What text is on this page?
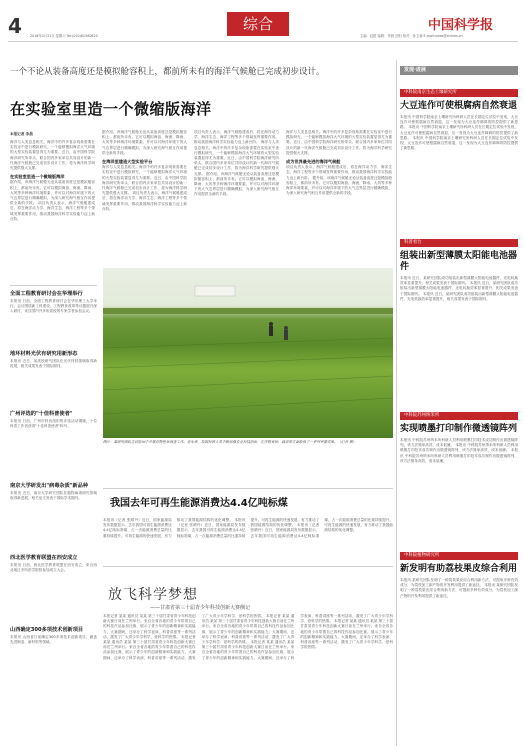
4 2018年4月21日 星期六 Tel:(010)62580620
综合	中国科学报
主编：赵路 编辑：李晨 岳阳 校对：孙玉蓉 E-mail:news@stimes.cn
一个不论从装备高度还是模拟舱容积上，都前所未有的海洋气候舱已完成初步设计。
在实验室里造一个微缩版海洋
本报记者 李晨
海洋与人类息息相关。海洋中的许多复杂现象需要在实验室中进行模拟研究，一个能够模拟海洋大气环境的大型实验装置显得尤为重要。近日，由中国科学院海洋研究所牵头，联合国内多家单位共同设计的新一代海洋气候舱已完成初步设计工作，将为海洋科学研究提供强大支撑。
在实验室里造一个微缩版海洋
据介绍，该海洋气候舱无论从装备高度还是模拟舱容积上，都前所未有。它可以模拟海浪、海流、降雨、大风等多种海洋环境要素，并可以对海洋环境下的大气边界层进行精确模拟，为深入研究海气相互作用提供全新的手段。 项目负责人表示，海洋气候舱建成后，将在海洋动力学、海洋生态、海洋工程等多个领域发挥重要作用，推动我国海洋科学实验能力迈上新台阶。
据介绍，该海洋气候舱无论从装备高度还是模拟舱容积上，都前所未有。它可以模拟海浪、海流、降雨、大风等多种海洋环境要素，并可以对海洋环境下的大气边界层进行精确模拟，为深入研究海气相互作用提供全新的手段。
在海洋里建造大型实验平台
海洋与人类息息相关。海洋中的许多复杂现象需要在实验室中进行模拟研究，一个能够模拟海洋大气环境的大型实验装置显得尤为重要。近日，由中国科学院海洋研究所牵头，联合国内多家单位共同设计的新一代海洋气候舱已完成初步设计工作，将为海洋科学研究提供强大支撑。 项目负责人表示，海洋气候舱建成后，将在海洋动力学、海洋生态、海洋工程等多个领域发挥重要作用，推动我国海洋科学实验能力迈上新台阶。
项目负责人表示，海洋气候舱建成后，将在海洋动力学、海洋生态、海洋工程等多个领域发挥重要作用，推动我国海洋科学实验能力迈上新台阶。 海洋与人类息息相关。海洋中的许多复杂现象需要在实验室中进行模拟研究，一个能够模拟海洋大气环境的大型实验装置显得尤为重要。近日，由中国科学院海洋研究所牵头，联合国内多家单位共同设计的新一代海洋气候舱已完成初步设计工作，将为海洋科学研究提供强大支撑。 据介绍，该海洋气候舱无论从装备高度还是模拟舱容积上，都前所未有。它可以模拟海浪、海流、降雨、大风等多种海洋环境要素，并可以对海洋环境下的大气边界层进行精确模拟，为深入研究海气相互作用提供全新的手段。
海洋与人类息息相关。海洋中的许多复杂现象需要在实验室中进行模拟研究，一个能够模拟海洋大气环境的大型实验装置显得尤为重要。近日，由中国科学院海洋研究所牵头，联合国内多家单位共同设计的新一代海洋气候舱已完成初步设计工作，将为海洋科学研究提供强大支撑。
成为世界最先进的海洋气候舱
项目负责人表示，海洋气候舱建成后，将在海洋动力学、海洋生态、海洋工程等多个领域发挥重要作用，推动我国海洋科学实验能力迈上新台阶。 据介绍，该海洋气候舱无论从装备高度还是模拟舱容积上，都前所未有。它可以模拟海浪、海流、降雨、大风等多种海洋环境要素，并可以对海洋环境下的大气边界层进行精确模拟，为深入研究海气相互作用提供全新的手段。
全面工程教育研讨会在华理举行
本报讯 日前，全面工程教育研讨会在华东理工大学举行。会议围绕新工科建设、工程教育改革等议题展开深入研讨，来自国内外多所高校的专家学者参加会议。
地环材料光伏有研究用新形态
本报讯 近日，某高校研究团队在光伏材料领域取得新进展，相关成果发表于国际期刊。
广州评选的"十佳科普使者"
本报讯 日前，广州市科协组织的评选活动揭晓，十位科普工作者获得"十佳科普使者"称号。
南京大学研发出"病毒杂质"新品种
本报讯 近日，南京大学研究团队在植物病毒研究领域取得新进展，相关论文发表于国际学术期刊。
西北医学教育联盟在西安成立
本报讯 日前，西北医学教育联盟在西安成立，来自西北地区多所医学院校参加成立大会。
山西确定300多项技术创新项目
本报讯 山西省日前确定300多项技术创新项目，涵盖先进制造、新材料等领域。
图片：某研究团队在试验田中开展作物性状调查工作。近年来，我国科研人员不断加强农业科技创新，在作物育种、栽培等方面取得了一系列重要成果。（记者 摄）
我国去年可再生能源消费达4.4亿吨标煤
本报讯（记者 张晴丹）近日，国家能源局发布数据显示，去年我国可再生能源消费达4.4亿吨标准煤，占一次能源消费总量的比重持续提升。可再生能源的快速发展，有力推动了我国能源结构的优化调整。 本报讯（记者 张晴丹）近日，国家能源局发布数据显示，去年我国可再生能源消费达4.4亿吨标准煤，占一次能源消费总量的比重持续提升。可再生能源的快速发展，有力推动了我国能源结构的优化调整。 本报讯（记者 张晴丹）近日，国家能源局发布数据显示，去年我国可再生能源消费达4.4亿吨标准煤，占一次能源消费总量的比重持续提升。可再生能源的快速发展，有力推动了我国能源结构的优化调整。
放飞科学梦想
——甘肃省第三十届青少年科技创新大赛侧记
本报记者 某某 通讯员 某某 第三十届甘肃省青少年科技创新大赛日前在兰州举行。来自全省各地的青少年带着自己的科技作品参加比赛，展示了青少年的创新精神和实践能力。大赛期间，还举办了科学表演、科普讲座等一系列活动，激发了广大青少年学科学、爱科学的热情。 本报记者 某某 通讯员 某某 第三十届甘肃省青少年科技创新大赛日前在兰州举行。来自全省各地的青少年带着自己的科技作品参加比赛，展示了青少年的创新精神和实践能力。大赛期间，还举办了科学表演、科普讲座等一系列活动，激发了广大青少年学科学、爱科学的热情。 本报记者 某某 通讯员 某某 第三十届甘肃省青少年科技创新大赛日前在兰州举行。来自全省各地的青少年带着自己的科技作品参加比赛，展示了青少年的创新精神和实践能力。大赛期间，还举办了科学表演、科普讲座等一系列活动，激发了广大青少年学科学、爱科学的热情。 本报记者 某某 通讯员 某某 第三十届甘肃省青少年科技创新大赛日前在兰州举行。来自全省各地的青少年带着自己的科技作品参加比赛，展示了青少年的创新精神和实践能力。大赛期间，还举办了科学表演、科普讲座等一系列活动，激发了广大青少年学科学、爱科学的热情。 本报记者 某某 通讯员 某某 第三十届甘肃省青少年科技创新大赛日前在兰州举行。来自全省各地的青少年带着自己的科技作品参加比赛，展示了青少年的创新精神和实践能力。大赛期间，还举办了科学表演、科普讲座等一系列活动，激发了广大青少年学科学、爱科学的热情。
发现·进展
中科院南京生态土壤研究所
大豆连作可使根腐病自然衰退
本报讯 中国科学院南京土壤研究所科研人员在长期定位试验中发现，大豆连作可使根腐病自然衰退，这一发现为大豆连作障碍的防控提供了新思路。 本报讯 中国科学院南京土壤研究所科研人员在长期定位试验中发现，大豆连作可使根腐病自然衰退，这一发现为大豆连作障碍的防控提供了新思路。 本报讯 中国科学院南京土壤研究所科研人员在长期定位试验中发现，大豆连作可使根腐病自然衰退，这一发现为大豆连作障碍的防控提供了新思路。
科普看台
组装出新型薄膜太阳能电池器件
本报讯 近日，某研究团队成功组装出新型薄膜太阳能电池器件，光电转换效率显著提升，相关成果发表于国际期刊。 本报讯 近日，某研究团队成功组装出新型薄膜太阳能电池器件，光电转换效率显著提升，相关成果发表于国际期刊。 本报讯 近日，某研究团队成功组装出新型薄膜太阳能电池器件，光电转换效率显著提升，相关成果发表于国际期刊。
中科院苏州纳米所
实现喷墨打印制作微透镜阵列
本报讯 中科院苏州纳米所科研人员利用喷墨打印技术成功制作出微透镜阵列，该方法简单高效，成本低廉。 本报讯 中科院苏州纳米所科研人员利用喷墨打印技术成功制作出微透镜阵列，该方法简单高效，成本低廉。 本报讯 中科院苏州纳米所科研人员利用喷墨打印技术成功制作出微透镜阵列，该方法简单高效，成本低廉。
中科院植物研究所
新发明有助荔枝果皮综合利用
本报讯 某研究团队发明了一种荔枝果皮综合利用新方法，可提取多种有效成分，为荔枝加工副产物的开发利用提供了新途径。 本报讯 某研究团队发明了一种荔枝果皮综合利用新方法，可提取多种有效成分，为荔枝加工副产物的开发利用提供了新途径。
